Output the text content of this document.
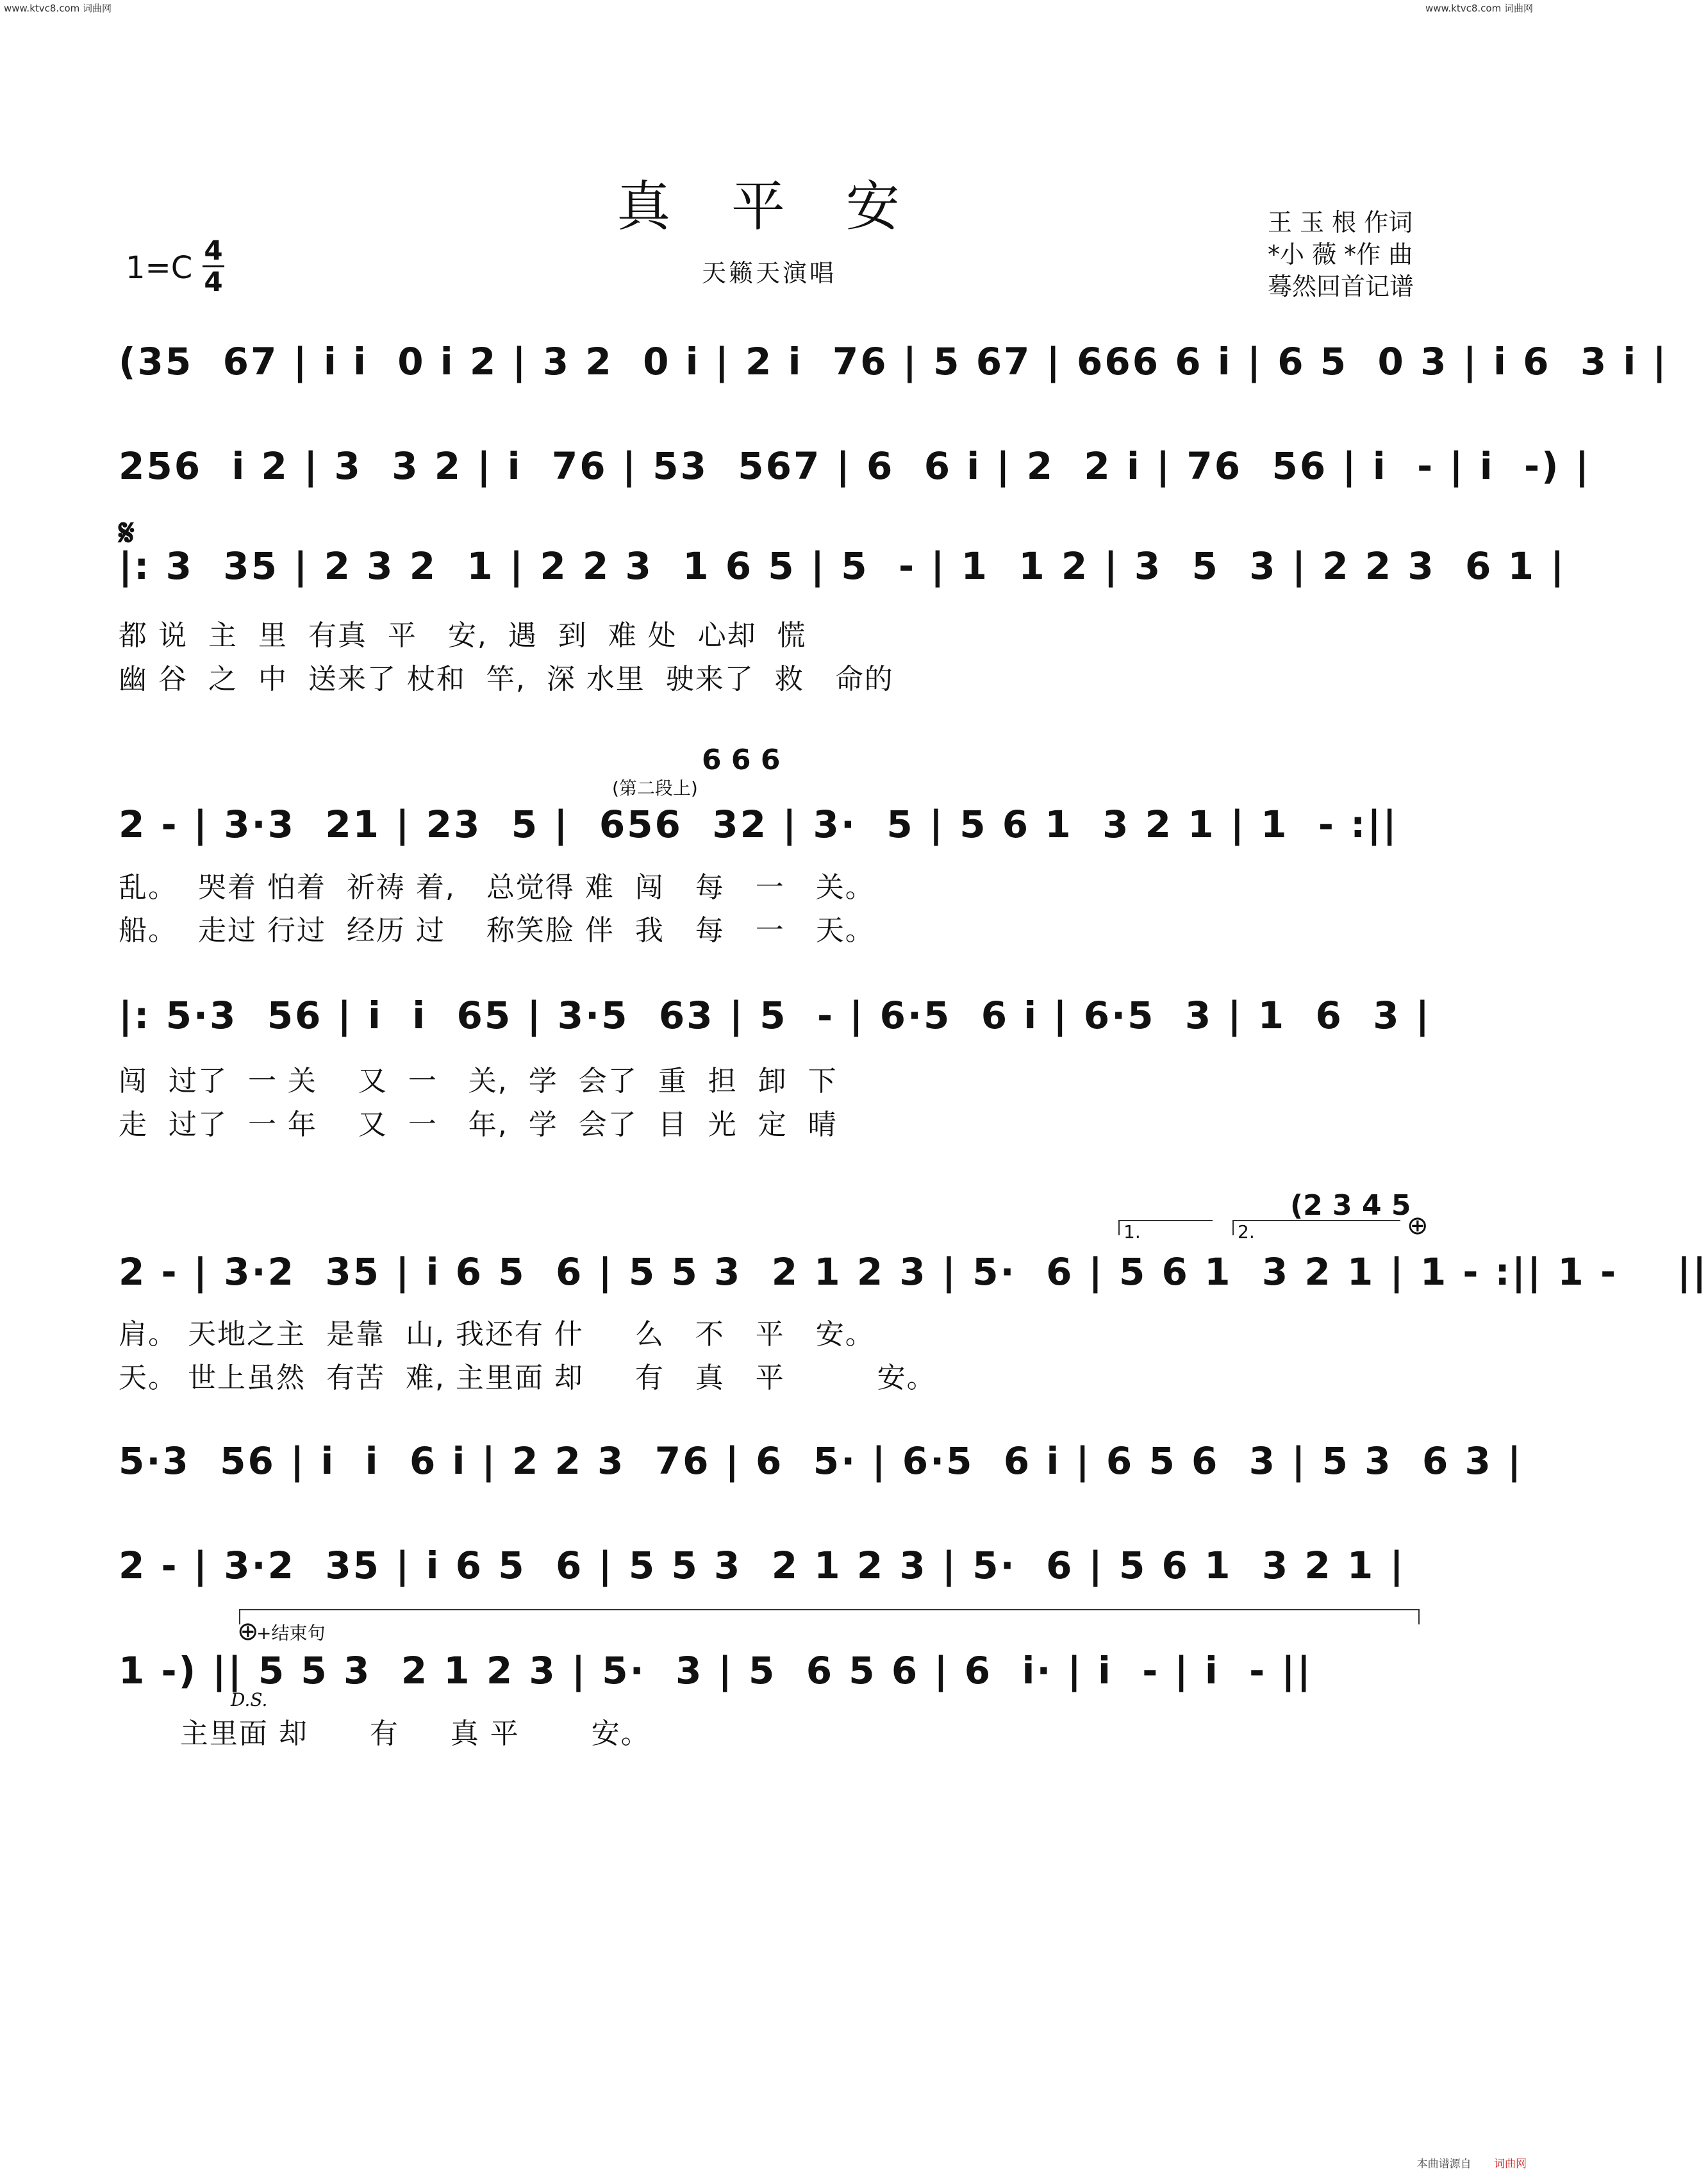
www.ktvc8.com 词曲网	www.ktvc8.com 词曲网
真 平 安
天籁天演唱
王 玉 根 作词
*小 薇 *作 曲
蓦然回首记谱
1=C 4
4
(35  67 | i i  0 i 2 | 3 2  0 i | 2 i  76 | 5 67 | 666 6 i | 6 5  0 3 | i 6  3 i |
256  i 2 | 3  3 2 | i  76 | 53  567 | 6  6 i | 2  2 i | 76  56 | i  - | i  -) |
𝄋
|: 3  35 | 2 3 2  1 | 2 2 3  1 6 5 | 5  - | 1  1 2 | 3  5  3 | 2 2 3  6 1 |
都 说  主  里  有真  平   安,  遇  到  难 处  心却  慌
幽 谷  之  中  送来了 杖和  竿,  深 水里  驶来了  救   命的
(第二段上)
6 6 6
2 - | 3·3  21 | 23  5 |  656  32 | 3·  5 | 5 6 1  3 2 1 | 1  - :||
乱。  哭着 怕着  祈祷 着,   总觉得 难  闯   每   一   关。
船。  走过 行过  经历 过    称笑脸 伴  我   每   一   天。
|: 5·3  56 | i  i  65 | 3·5  63 | 5  - | 6·5  6 i | 6·5  3 | 1  6  3 |
闯  过了  一 关    又  一   关,  学  会了  重  担  卸  下
走  过了  一 年    又  一   年,  学  会了  目  光  定  晴
(2 3 4 5
1.	2.	⊕
2 - | 3·2  35 | i 6 5  6 | 5 5 3  2 1 2 3 | 5·  6 | 5 6 1  3 2 1 | 1 - :|| 1 -    ||
肩。 天地之主  是靠  山, 我还有 什     么   不   平   安。
天。 世上虽然  有苦  难, 主里面 却     有   真   平         安。
5·3  56 | i  i  6 i | 2 2 3  76 | 6  5· | 6·5  6 i | 6 5 6  3 | 5 3  6 3 |
2 - | 3·2  35 | i 6 5  6 | 5 5 3  2 1 2 3 | 5·  6 | 5 6 1  3 2 1 |
⊕
+结束句
1 -) || 5 5 3  2 1 2 3 | 5·  3 | 5  6 5 6 | 6  i· | i  - | i  - ||
D.S.
主里面 却      有     真 平       安。
本曲谱源自 词曲网
